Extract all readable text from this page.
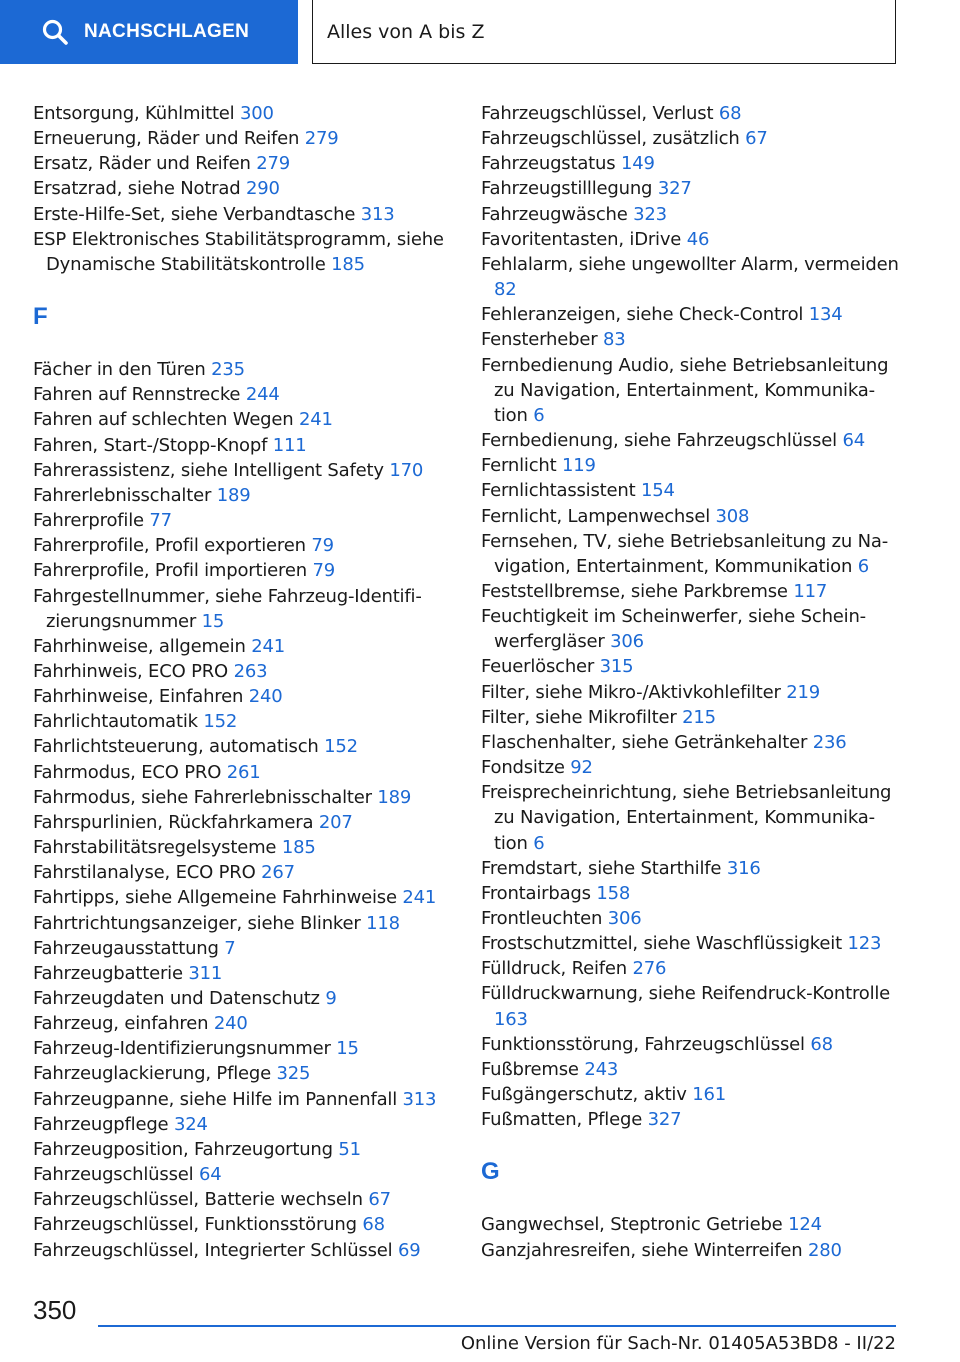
NACHSCHLAGEN	Alles von A bis Z
Entsorgung, Kühlmittel 300
Erneuerung, Räder und Reifen 279
Ersatz, Räder und Reifen 279
Ersatzrad, siehe Notrad 290
Erste-Hilfe-Set, siehe Verbandtasche 313
ESP Elektronisches Stabilitätsprogramm, siehe Dynamische Stabilitätskontrolle 185
F
Fächer in den Türen 235
Fahren auf Rennstrecke 244
Fahren auf schlechten Wegen 241
Fahren, Start-/Stopp-Knopf 111
Fahrerassistenz, siehe Intelligent Safety 170
Fahrerlebnisschalter 189
Fahrerprofile 77
Fahrerprofile, Profil exportieren 79
Fahrerprofile, Profil importieren 79
Fahrgestellnummer, siehe Fahrzeug-Identifizierungsnummer 15
Fahrhinweise, allgemein 241
Fahrhinweis, ECO PRO 263
Fahrhinweise, Einfahren 240
Fahrlichtautomatik 152
Fahrlichtsteuerung, automatisch 152
Fahrmodus, ECO PRO 261
Fahrmodus, siehe Fahrerlebnisschalter 189
Fahrspurlinien, Rückfahrkamera 207
Fahrstabilitätsregelsysteme 185
Fahrstilanalyse, ECO PRO 267
Fahrtipps, siehe Allgemeine Fahrhinweise 241
Fahrtrichtungsanzeiger, siehe Blinker 118
Fahrzeugausstattung 7
Fahrzeugbatterie 311
Fahrzeugdaten und Datenschutz 9
Fahrzeug, einfahren 240
Fahrzeug-Identifizierungsnummer 15
Fahrzeuglackierung, Pflege 325
Fahrzeugpanne, siehe Hilfe im Pannenfall 313
Fahrzeugpflege 324
Fahrzeugposition, Fahrzeugortung 51
Fahrzeugschlüssel 64
Fahrzeugschlüssel, Batterie wechseln 67
Fahrzeugschlüssel, Funktionsstörung 68
Fahrzeugschlüssel, Integrierter Schlüssel 69
Fahrzeugschlüssel, Verlust 68
Fahrzeugschlüssel, zusätzlich 67
Fahrzeugstatus 149
Fahrzeugstilllegung 327
Fahrzeugwäsche 323
Favoritentasten, iDrive 46
Fehlalarm, siehe ungewollter Alarm, vermeiden 82
Fehleranzeigen, siehe Check-Control 134
Fensterheber 83
Fernbedienung Audio, siehe Betriebsanleitung zu Navigation, Entertainment, Kommunikation 6
Fernbedienung, siehe Fahrzeugschlüssel 64
Fernlicht 119
Fernlichtassistent 154
Fernlicht, Lampenwechsel 308
Fernsehen, TV, siehe Betriebsanleitung zu Navigation, Entertainment, Kommunikation 6
Feststellbremse, siehe Parkbremse 117
Feuchtigkeit im Scheinwerfer, siehe Scheinwerfergläser 306
Feuerlöscher 315
Filter, siehe Mikro-/Aktivkohlefilter 219
Filter, siehe Mikrofilter 215
Flaschenhalter, siehe Getränkehalter 236
Fondsitze 92
Freisprecheinrichtung, siehe Betriebsanleitung zu Navigation, Entertainment, Kommunikation 6
Fremdstart, siehe Starthilfe 316
Frontairbags 158
Frontleuchten 306
Frostschutzmittel, siehe Waschflüssigkeit 123
Fülldruck, Reifen 276
Fülldruckwarnung, siehe Reifendruck-Kontrolle 163
Funktionsstörung, Fahrzeugschlüssel 68
Fußbremse 243
Fußgängerschutz, aktiv 161
Fußmatten, Pflege 327
G
Gangwechsel, Steptronic Getriebe 124
Ganzjahresreifen, siehe Winterreifen 280
350
Online Version für Sach-Nr. 01405A53BD8 - II/22
